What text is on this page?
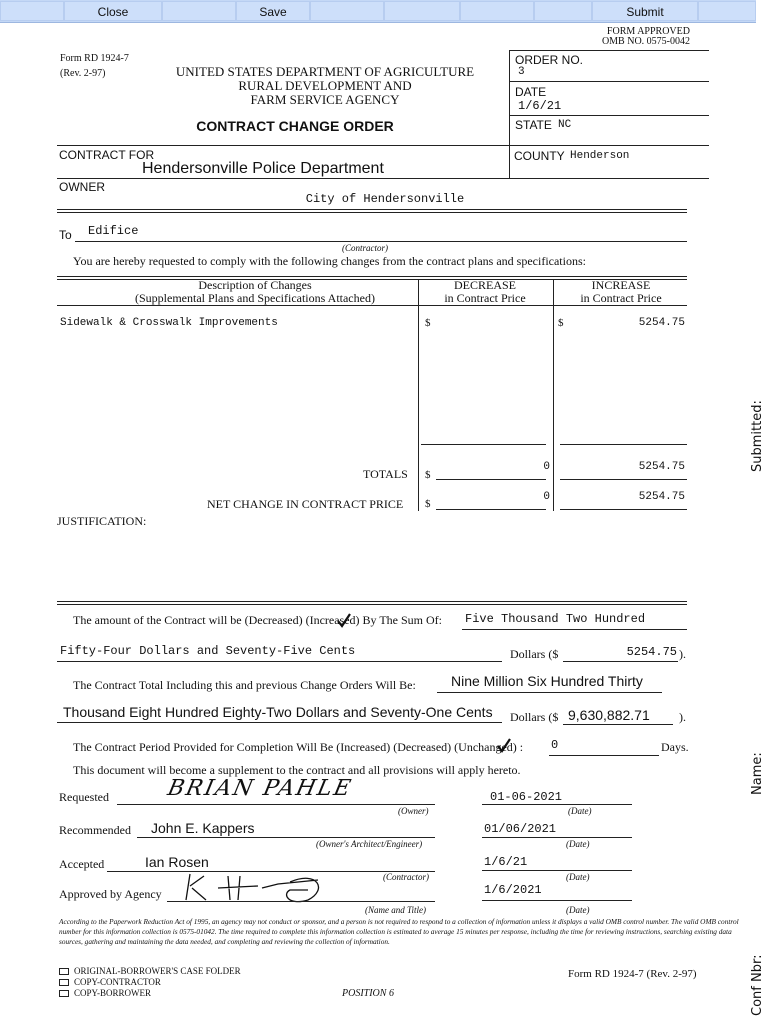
Close	Save	Submit
FORM APPROVED
OMB NO. 0575-0042
Form RD 1924-7
(Rev. 2-97)	UNITED STATES DEPARTMENT OF AGRICULTURE
RURAL DEVELOPMENT AND
FARM SERVICE AGENCY
CONTRACT CHANGE ORDER
ORDER NO.
3
DATE
1/6/21
STATE NC
COUNTY Henderson
CONTRACT FOR
Hendersonville Police Department
OWNER
City of Hendersonville
To Edifice
(Contractor)
You are hereby requested to comply with the following changes from the contract plans and specifications:
Description of Changes
(Supplemental Plans and Specifications Attached)
DECREASE
in Contract Price
INCREASE
in Contract Price
Sidewalk & Crosswalk Improvements	$	$	5254.75
TOTALS $
0	5254.75
NET CHANGE IN CONTRACT PRICE $
0	5254.75
JUSTIFICATION:
The amount of the Contract will be (Decreased) (Increased) By The Sum Of: Five Thousand Two Hundred
Fifty-Four Dollars and Seventy-Five Cents	Dollars ($	5254.75 ).
The Contract Total Including this and previous Change Orders Will Be:	Nine Million Six Hundred Thirty
Thousand Eight Hundred Eighty-Two Dollars and Seventy-One Cents Dollars ($ 9,630,882.71 ).
The Contract Period Provided for Completion Will Be (Increased) (Decreased) (Unchanged) : 0	Days.
This document will become a supplement to the contract and all provisions will apply hereto.
Requested	BRIAN PAHLE
(Owner)
01-06-2021
(Date)
Recommended John E. Kappers
(Owner's Architect/Engineer)
01/06/2021
(Date)
Accepted	Ian Rosen
(Contractor)
1/6/21
(Date)
Approved by Agency
(Name and Title)
1/6/2021
(Date)
According to the Paperwork Reduction Act of 1995, an agency may not conduct or sponsor, and a person is not required to respond to a collection of information unless it displays a valid OMB control number. The valid OMB control number for this information collection is 0575-01042. The time required to complete this information collection is estimated to average 15 minutes per response, including the time for reviewing instructions, searching existing data sources, gathering and maintaining the data needed, and completing and reviewing the collection of information.
ORIGINAL-BORROWER'S CASE FOLDER
COPY-CONTRACTOR
COPY-BORROWER	POSITION 6
Form RD 1924-7 (Rev. 2-97)
Submitted:
Name:
Conf Nbr:
